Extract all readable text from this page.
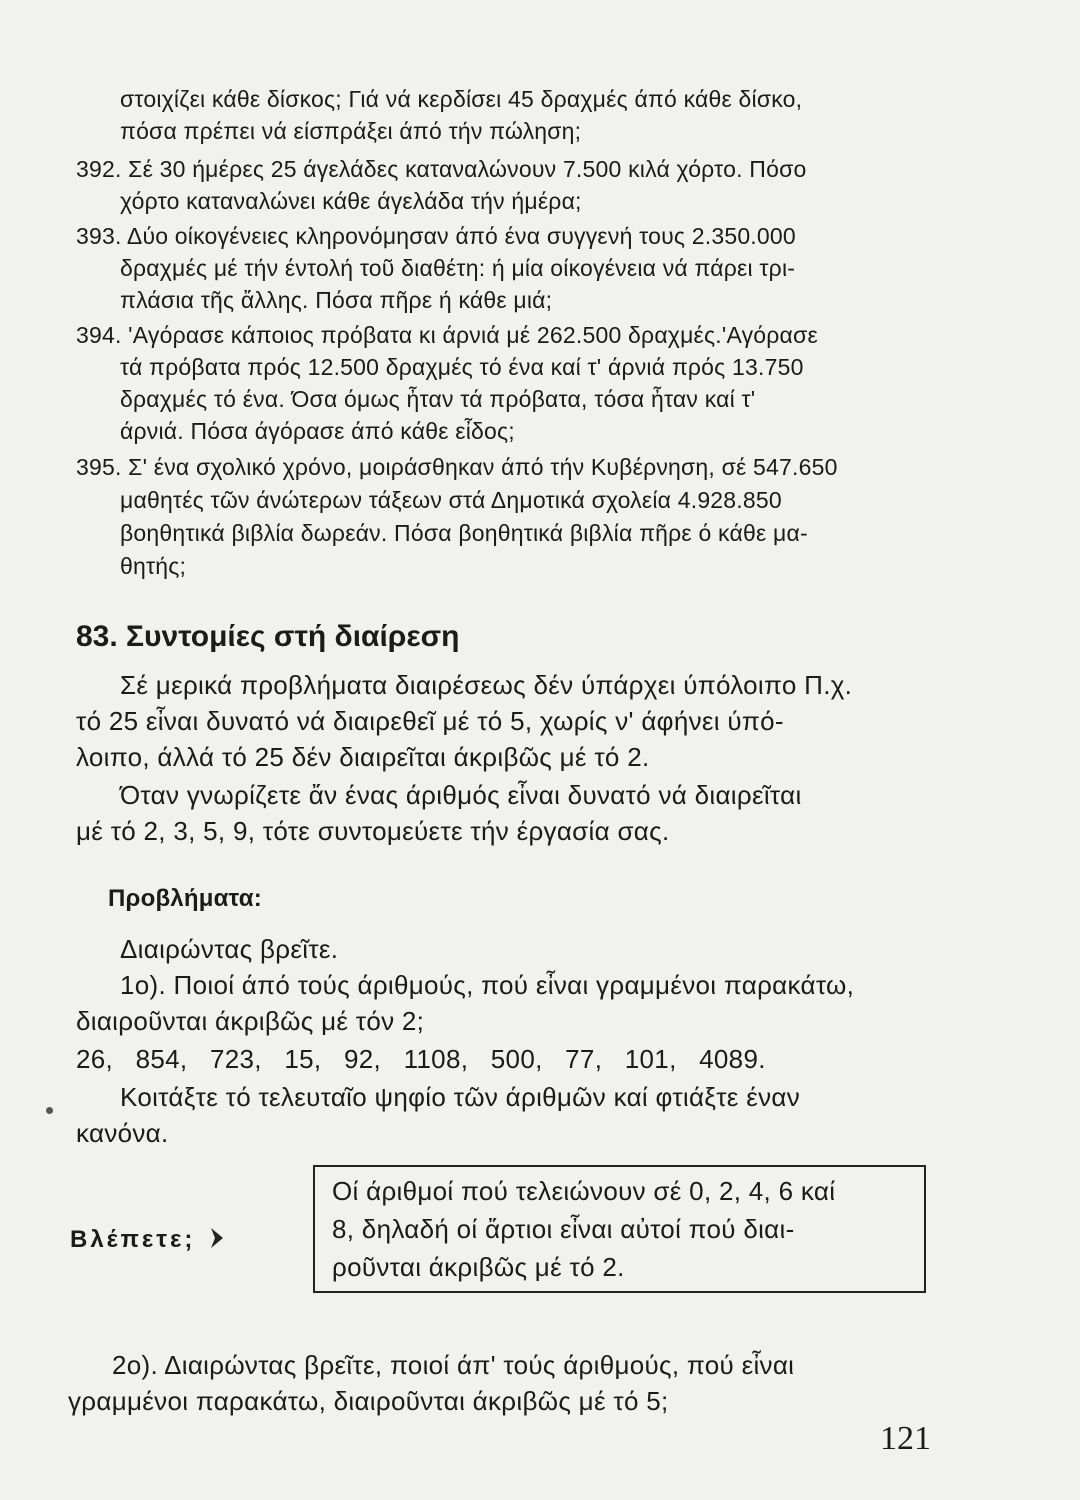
στοιχίζει κάθε δίσκος; Γιά νά κερδίσει 45 δραχμές άπό κάθε δίσκο,
πόσα πρέπει νά είσπράξει άπό τήν πώληση;
392. Σέ 30 ήμέρες 25 άγελάδες καταναλώνουν 7.500 κιλά χόρτο. Πόσο
χόρτο καταναλώνει κάθε άγελάδα τήν ήμέρα;
393. Δύο οίκογένειες κληρονόμησαν άπό ένα συγγενή τους 2.350.000
δραχμές μέ τήν έντολή τοῦ διαθέτη: ή μία οίκογένεια νά πάρει τρι-
πλάσια τῆς ἄλλης. Πόσα πῆρε ή κάθε μιά;
394. 'Αγόρασε κάποιος πρόβατα κι άρνιά μέ 262.500 δραχμές.'Αγόρασε
τά πρόβατα πρός 12.500 δραχμές τό ένα καί τ' άρνιά πρός 13.750
δραχμές τό ένα. Όσα όμως ἦταν τά πρόβατα, τόσα ἦταν καί τ'
άρνιά. Πόσα άγόρασε άπό κάθε εἶδος;
395. Σ' ένα σχολικό χρόνο, μοιράσθηκαν άπό τήν Κυβέρνηση, σέ 547.650
μαθητές τῶν άνώτερων τάξεων στά Δημοτικά σχολεία 4.928.850
βοηθητικά βιβλία δωρεάν. Πόσα βοηθητικά βιβλία πῆρε ό κάθε μα-
θητής;
83. Συντομίες στή διαίρεση
Σέ μερικά προβλήματα διαιρέσεως δέν ύπάρχει ύπόλοιπο Π.χ.
τό 25 εἶναι δυνατό νά διαιρεθεῖ μέ τό 5, χωρίς ν' άφήνει ύπό-
λοιπο, άλλά τό 25 δέν διαιρεῖται άκριβῶς μέ τό 2.
Όταν γνωρίζετε ἄν ένας άριθμός εἶναι δυνατό νά διαιρεῖται
μέ τό 2, 3, 5, 9, τότε συντομεύετε τήν έργασία σας.
Προβλήματα:
Διαιρώντας βρεῖτε.
1ο). Ποιοί άπό τούς άριθμούς, πού εἶναι γραμμένοι παρακάτω,
διαιροῦνται άκριβῶς μέ τόν 2;
26,   854,   723,   15,   92,   1108,   500,   77,   101,   4089.
Κοιτάξτε τό τελευταῖο ψηφίο τῶν άριθμῶν καί φτιάξτε έναν
κανόνα.
Βλέπετε;
Οί άριθμοί πού τελειώνουν σέ 0, 2, 4, 6 καί
8, δηλαδή οί ἄρτιοι εἶναι αὐτοί πού διαι-
ροῦνται άκριβῶς μέ τό 2.
2ο). Διαιρώντας βρεῖτε, ποιοί άπ' τούς άριθμούς, πού εἶναι
γραμμένοι παρακάτω, διαιροῦνται άκριβῶς μέ τό 5;
121
